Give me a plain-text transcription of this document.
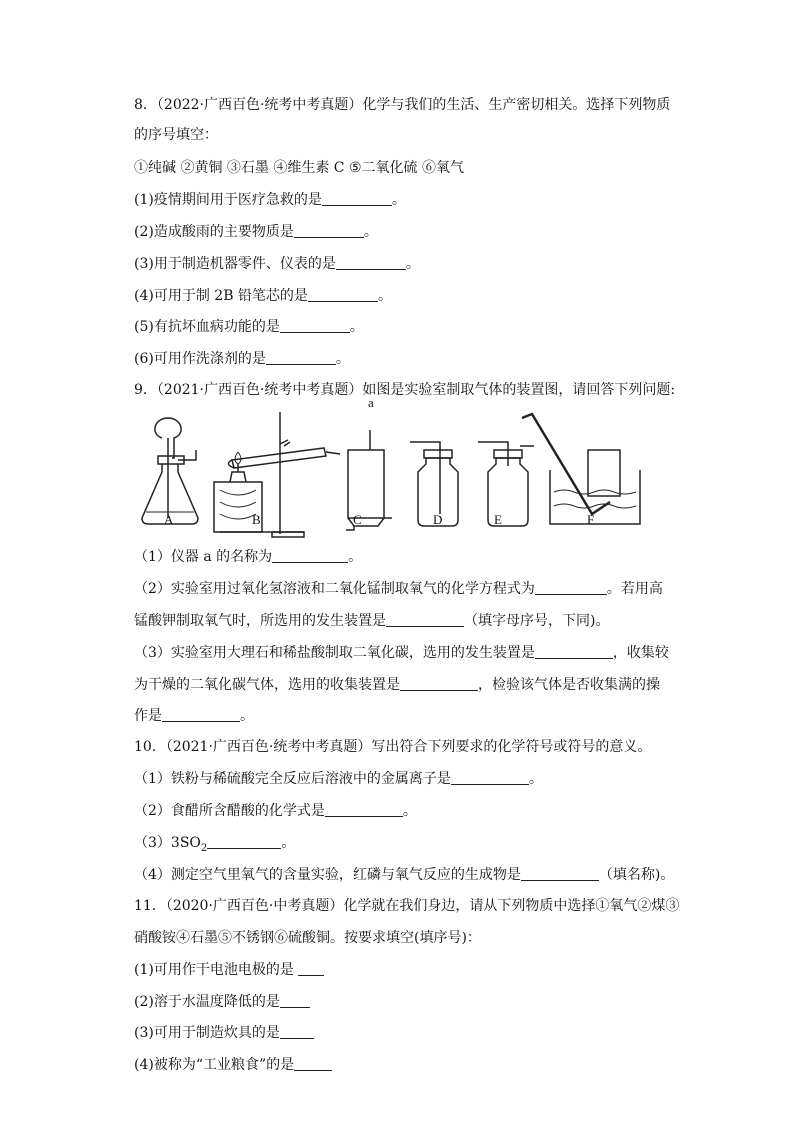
8．（2022·广西百色·统考中考真题）化学与我们的生活、生产密切相关。选择下列物质
的序号填空：
①纯碱 ②黄铜 ③石墨 ④维生素 C ⑤二氧化硫 ⑥氧气
(1)疫情期间用于医疗急救的是	。
(2)造成酸雨的主要物质是	。
(3)用于制造机器零件、仪表的是	。
(4)可用于制 2B 铅笔芯的是	。
(5)有抗坏血病功能的是	。
(6)可用作洗涤剂的是	。
9．（2021·广西百色·统考中考真题）如图是实验室制取气体的装置图，请回答下列问题:
A	B	C	D	E	F
a
（1）仪器 a 的名称为	。
（2）实验室用过氧化氢溶液和二氧化锰制取氧气的化学方程式为	。若用高
锰酸钾制取氧气时，所选用的发生装置是	（填字母序号，下同)。
（3）实验室用大理石和稀盐酸制取二氧化碳，选用的发生装置是	，收集较
为干燥的二氧化碳气体，选用的收集装置是	，检验该气体是否收集满的操
作是	。
10．（2021·广西百色·统考中考真题）写出符合下列要求的化学符号或符号的意义。
（1）铁粉与稀硫酸完全反应后溶液中的金属离子是	。
（2）食醋所含醋酸的化学式是	。
$(3)3SO_2$	。
（4）测定空气里氧气的含量实验，红磷与氧气反应的生成物是	（填名称)。
11．（2020·广西百色·中考真题）化学就在我们身边，请从下列物质中选择①氧气②煤③
硝酸铵④石墨⑤不锈钢⑥硫酸铜。按要求填空(填序号)：
(1)可用作干电池电极的是
(2)溶于水温度降低的是
(3)可用于制造炊具的是
(4)被称为“工业粮食”的是
